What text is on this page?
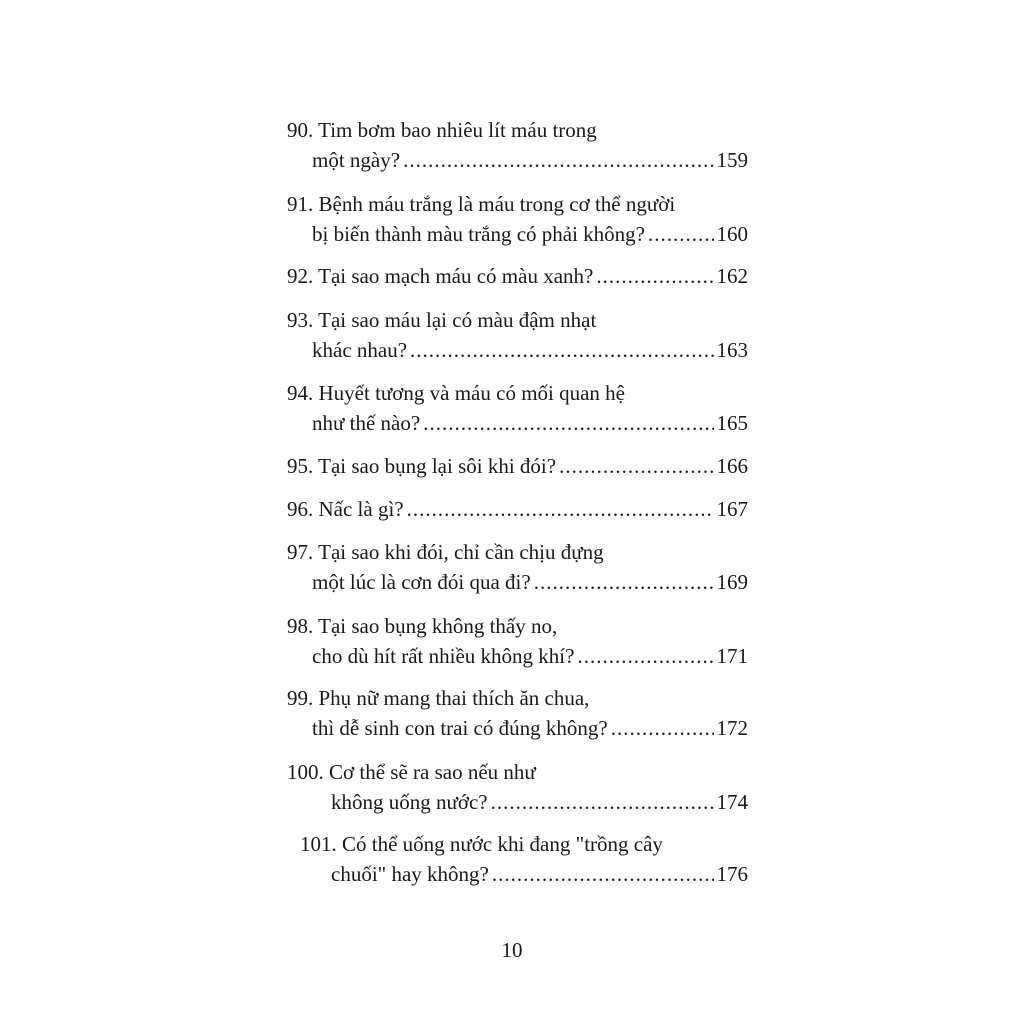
90. Tim bơm bao nhiêu lít máu trong
một ngày? .....	159
91. Bệnh máu trắng là máu trong cơ thể người
bị biến thành màu trắng có phải không? .....	160
92. Tại sao mạch máu có màu xanh? .....	162
93. Tại sao máu lại có màu đậm nhạt
khác nhau? .....	163
94. Huyết tương và máu có mối quan hệ
như thế nào? .....	165
95. Tại sao bụng lại sôi khi đói? .....	166
96. Nấc là gì? .....	167
97. Tại sao khi đói, chỉ cần chịu đựng
một lúc là cơn đói qua đi? .....	169
98. Tại sao bụng không thấy no,
cho dù hít rất nhiều không khí? .....	171
99. Phụ nữ mang thai thích ăn chua,
thì dễ sinh con trai có đúng không? .....	172
100. Cơ thể sẽ ra sao nếu như
không uống nước? .....	174
101. Có thể uống nước khi đang "trồng cây
chuối" hay không? .....	176
10
